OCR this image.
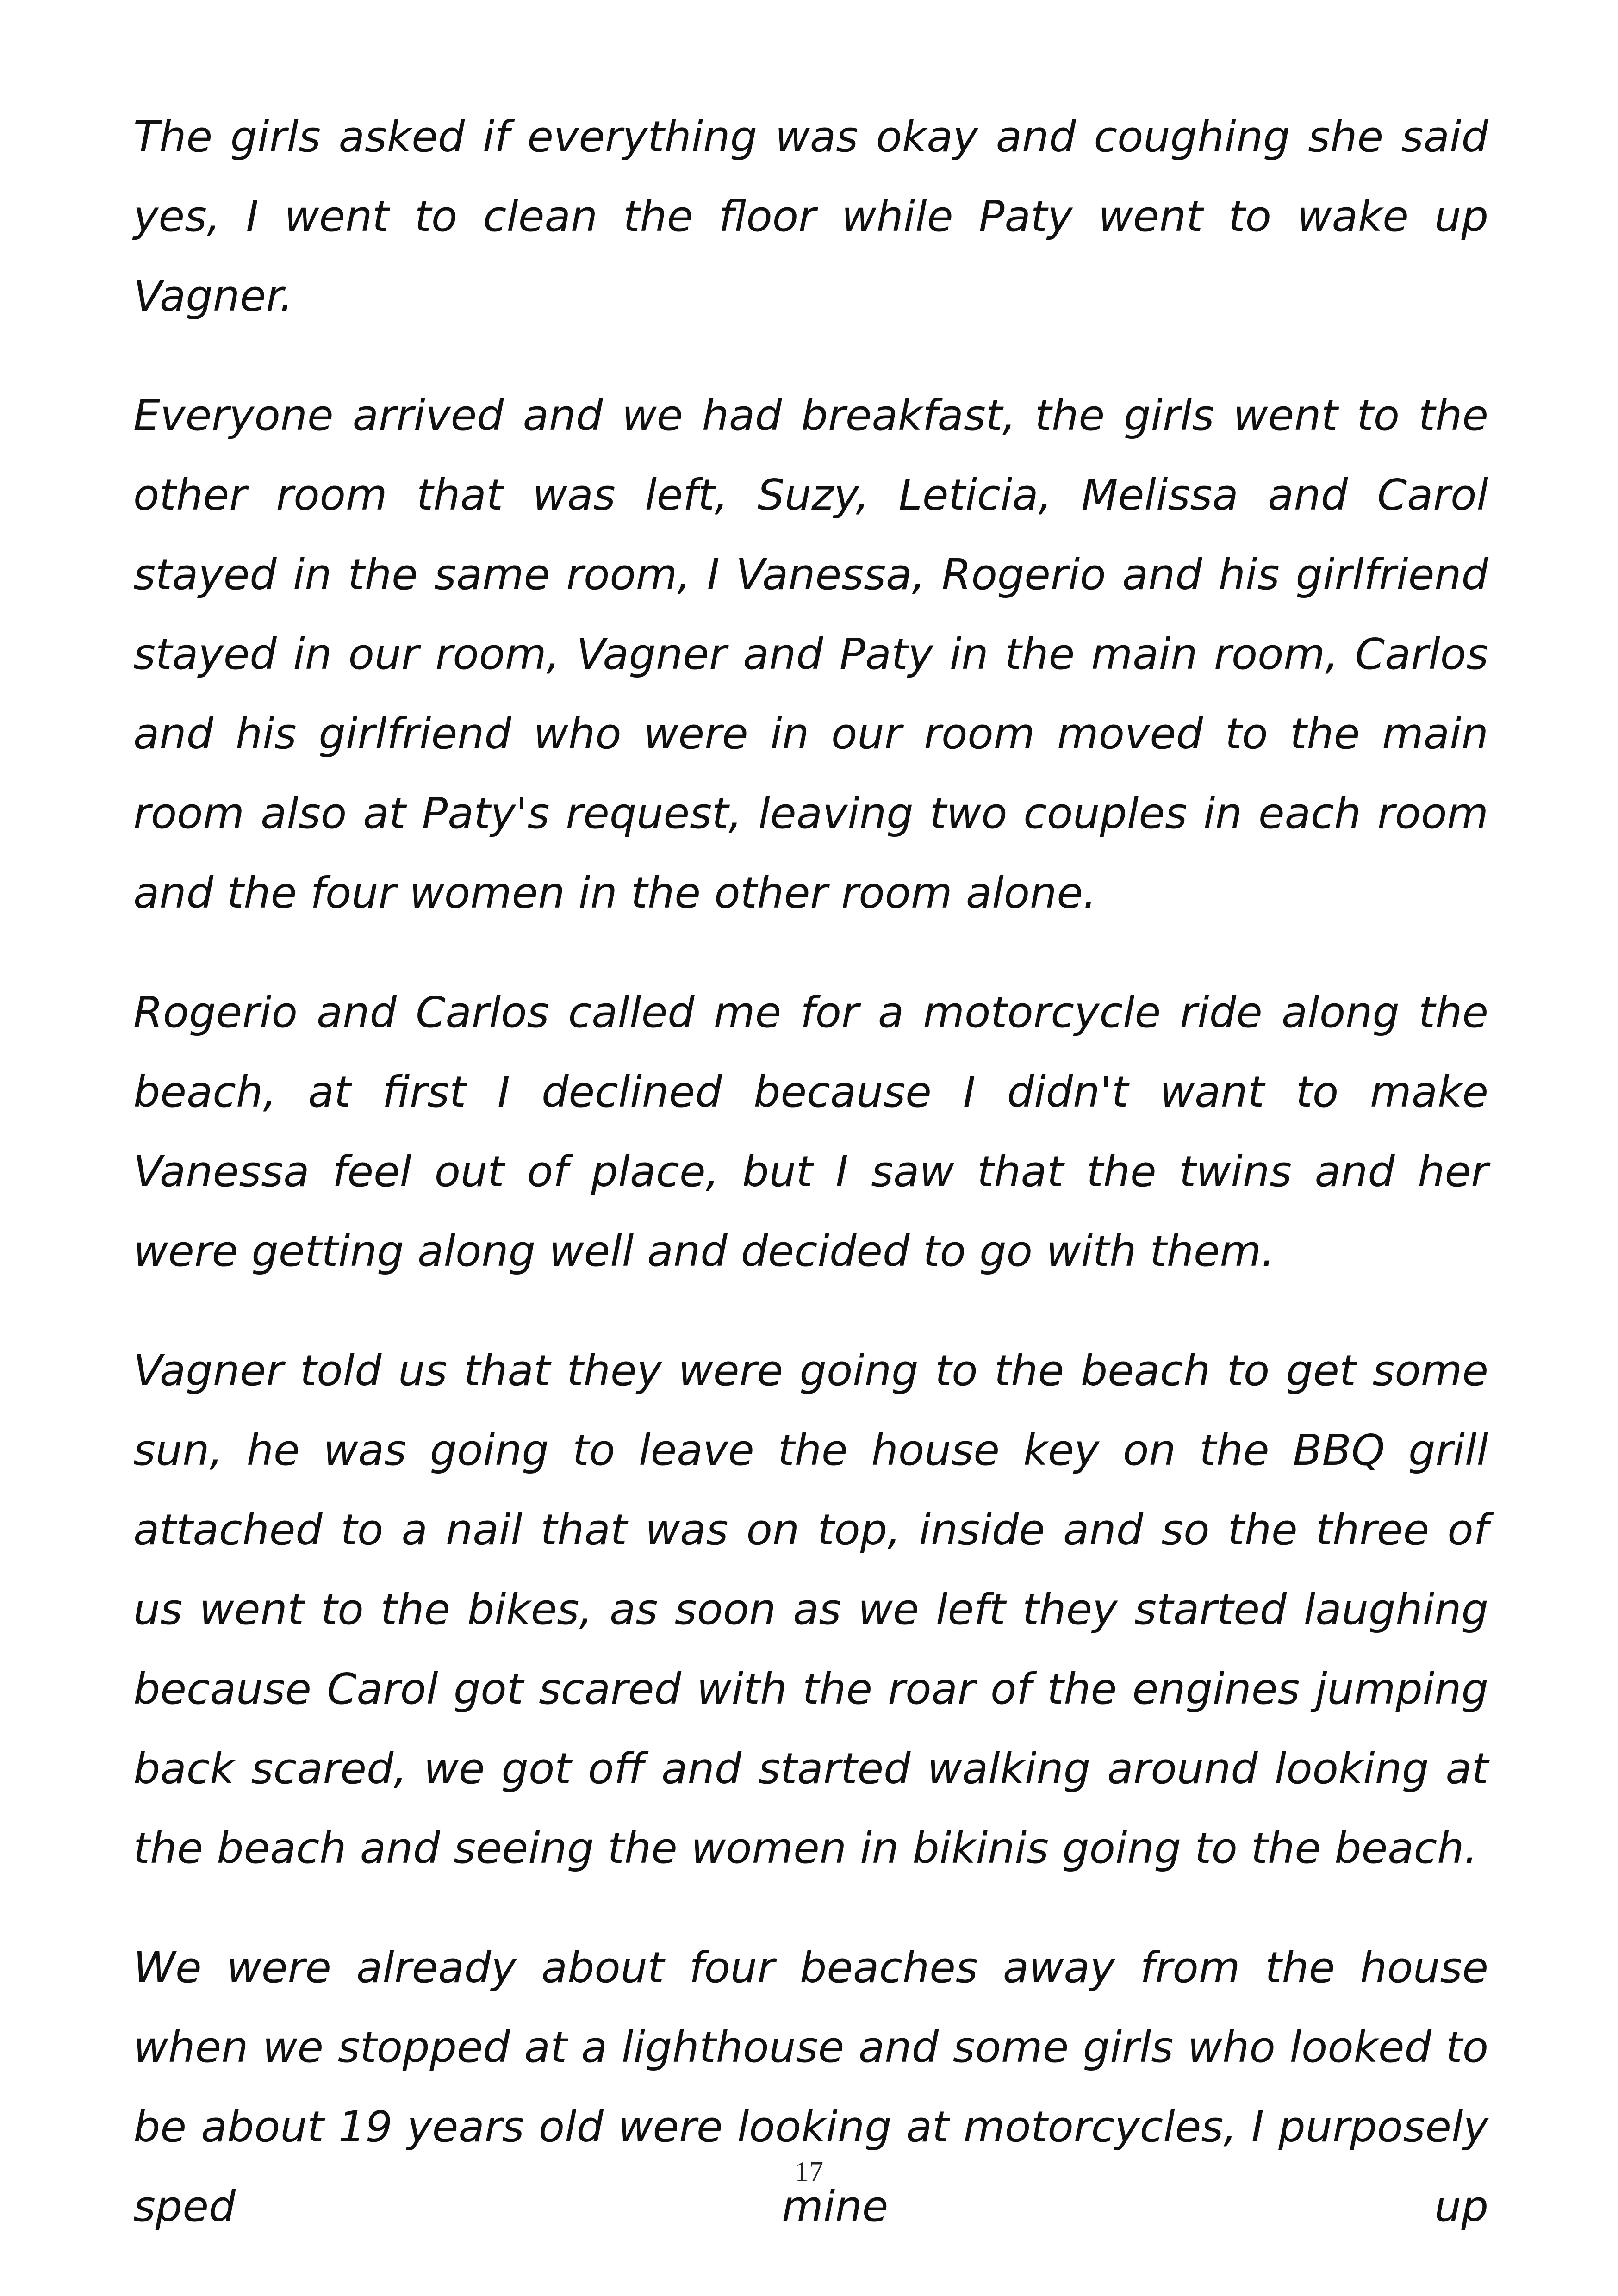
The girls asked if everything was okay and coughing she said yes, I went to clean the floor while Paty went to wake up Vagner.

Everyone arrived and we had breakfast, the girls went to the other room that was left, Suzy, Leticia, Melissa and Carol stayed in the same room, I Vanessa, Rogerio and his girlfriend stayed in our room, Vagner and Paty in the main room, Carlos and his girlfriend who were in our room moved to the main room also at Paty's request, leaving two couples in each room and the four women in the other room alone.

Rogerio and Carlos called me for a motorcycle ride along the beach, at first I declined because I didn't want to make Vanessa feel out of place, but I saw that the twins and her were getting along well and decided to go with them.

Vagner told us that they were going to the beach to get some sun, he was going to leave the house key on the BBQ grill attached to a nail that was on top, inside and so the three of us went to the bikes, as soon as we left they started laughing because Carol got scared with the roar of the engines jumping back scared, we got off and started walking around looking at the beach and seeing the women in bikinis going to the beach.

We were already about four beaches away from the house when we stopped at a lighthouse and some girls who looked to be about 19 years old were looking at motorcycles, I purposely sped mine up

17
